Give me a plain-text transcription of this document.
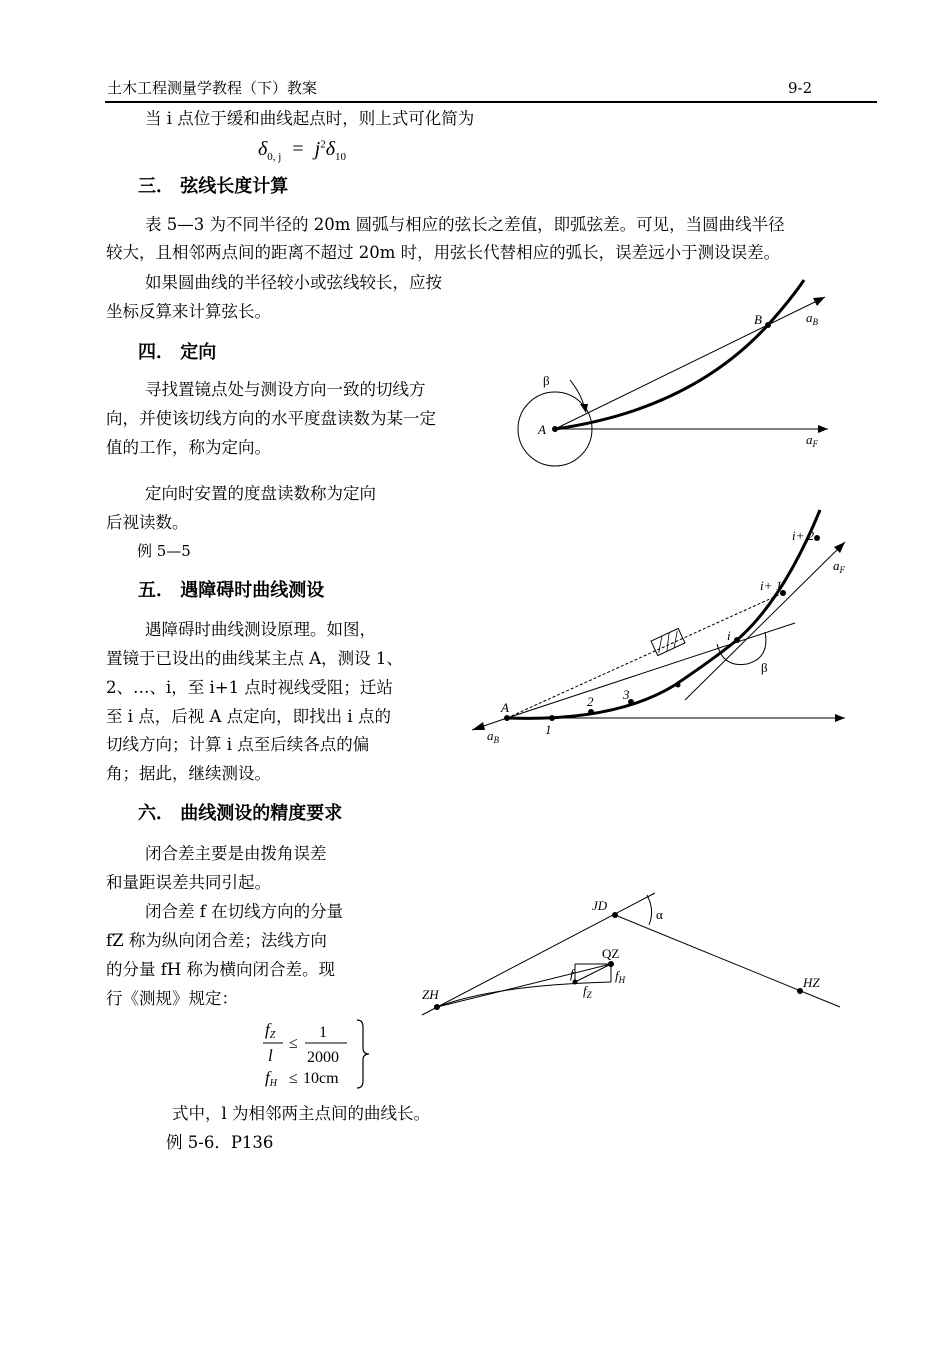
土木工程测量学教程（下）教案	9-2
当 i 点位于缓和曲线起点时，则上式可化简为
$\delta_{0, j} = j^2\delta_{10}$
三． 弦线长度计算
表 5—3 为不同半径的 20m 圆弧与相应的弦长之差值，即弧弦差。可见，当圆曲线半径
较大，且相邻两点间的距离不超过 20m 时，用弦长代替相应的弧长，误差远小于测设误差。
如果圆曲线的半径较小或弦线较长，应按
坐标反算来计算弦长。
四． 定向
寻找置镜点处与测设方向一致的切线方
向，并使该切线方向的水平度盘读数为某一定
值的工作，称为定向。
定向时安置的度盘读数称为定向
后视读数。
例 5—5
五． 遇障碍时曲线测设
遇障碍时曲线测设原理。如图，
置镜于已设出的曲线某主点 A，测设 1、
2、…、i，至 i+1 点时视线受阻；迁站
至 i 点，后视 A 点定向，即找出 i 点的
切线方向；计算 i 点至后续各点的偏
角；据此，继续测设。
六． 曲线测设的精度要求
闭合差主要是由拨角误差
和量距误差共同引起。
闭合差 f 在切线方向的分量
fZ 称为纵向闭合差；法线方向
的分量 fH 称为横向闭合差。现
行《测规》规定：
fZ
l
≤
1
2000
fH ≤ 10cm
式中，l 为相邻两主点间的曲线长。
例 5-6．P136
B	$a_B$
β
A
$a_F$
i+ 2
$a_F$
i+ 1
i
β
A	2 3
1
$a_B$
JD
α
QZ
f	$f_H$
ZH	$f_Z$
HZ
